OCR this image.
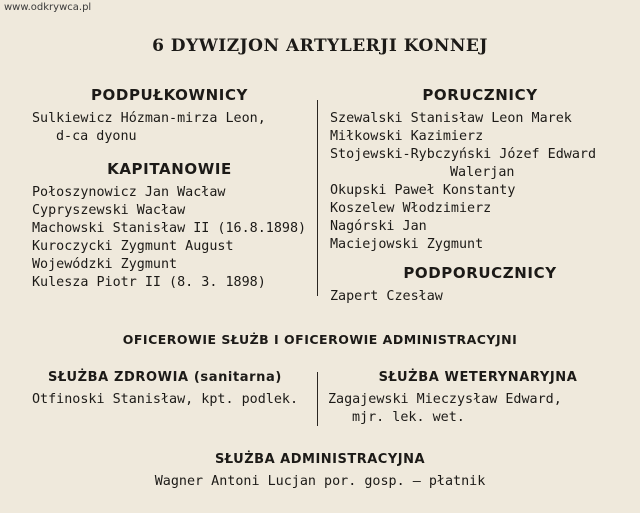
www.odkrywca.pl
6 DYWIZJON ARTYLERJI KONNEJ
PODPUŁKOWNICY
Sulkiewicz Hózman-mirza Leon,
d-ca dyonu
KAPITANOWIE
Połoszynowicz Jan Wacław
Cypryszewski Wacław
Machowski Stanisław II (16.8.1898)
Kuroczycki Zygmunt August
Wojewódzki Zygmunt
Kulesza Piotr II (8. 3. 1898)
PORUCZNICY
Szewalski Stanisław Leon Marek
Miłkowski Kazimierz
Stojewski-Rybczyński Józef Edward
Walerjan
Okupski Paweł Konstanty
Koszelew Włodzimierz
Nagórski Jan
Maciejowski Zygmunt
PODPORUCZNICY
Zapert Czesław
OFICEROWIE SŁUŻB I OFICEROWIE ADMINISTRACYJNI
SŁUŻBA ZDROWIA (sanitarna)
Otfinoski Stanisław, kpt. podlek.
SŁUŻBA WETERYNARYJNA
Zagajewski Mieczysław Edward,
mjr. lek. wet.
SŁUŻBA ADMINISTRACYJNA
Wagner Antoni Lucjan por. gosp. — płatnik
